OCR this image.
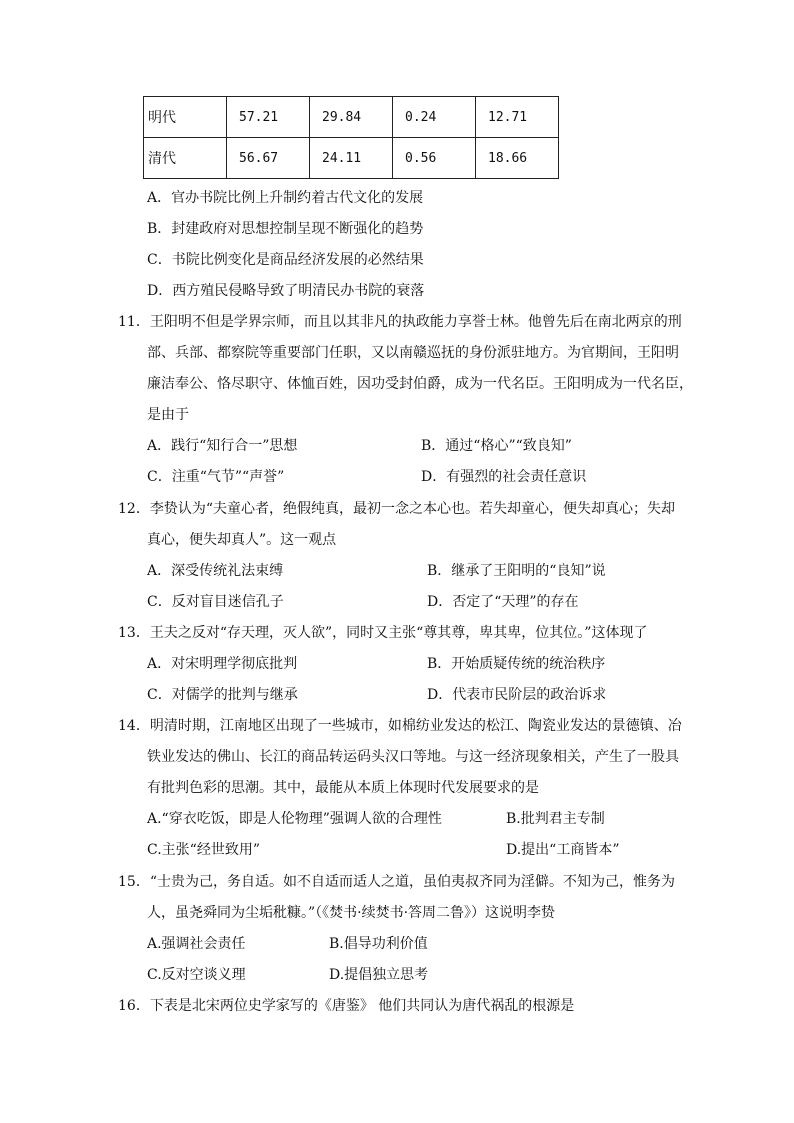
明代	57.21	29.84	0.24	12.71
清代	56.67	24.11	0.56	18.66
A．官办书院比例上升制约着古代文化的发展
B．封建政府对思想控制呈现不断强化的趋势
C．书院比例变化是商品经济发展的必然结果
D．西方殖民侵略导致了明清民办书院的衰落
11．王阳明不但是学界宗师，而且以其非凡的执政能力享誉士林。他曾先后在南北两京的刑
部、兵部、都察院等重要部门任职，又以南赣巡抚的身份派驻地方。为官期间，王阳明
廉洁奉公、恪尽职守、体恤百姓，因功受封伯爵，成为一代名臣。王阳明成为一代名臣，
是由于
A．践行“知行合一”思想	B．通过“格心”“致良知”
C．注重“气节”“声誉”	D．有强烈的社会责任意识
12．李贽认为“夫童心者，绝假纯真，最初一念之本心也。若失却童心，便失却真心；失却
真心，便失却真人”。这一观点
A．深受传统礼法束缚	B．继承了王阳明的“良知”说
C．反对盲目迷信孔子	D．否定了“天理”的存在
13．王夫之反对“存天理，灭人欲”，同时又主张“尊其尊，卑其卑，位其位。”这体现了
A．对宋明理学彻底批判	B．开始质疑传统的统治秩序
C．对儒学的批判与继承	D．代表市民阶层的政治诉求
14．明清时期，江南地区出现了一些城市，如棉纺业发达的松江、陶瓷业发达的景德镇、冶
铁业发达的佛山、长江的商品转运码头汉口等地。与这一经济现象相关，产生了一股具
有批判色彩的思潮。其中，最能从本质上体现时代发展要求的是
A.“穿衣吃饭，即是人伦物理”强调人欲的合理性	B.批判君主专制
C.主张“经世致用”	D.提出“工商皆本”
15．“士贵为己，务自适。如不自适而适人之道，虽伯夷叔齐同为淫僻。不知为己，惟务为
人，虽尧舜同为尘垢秕糠。”（《焚书·续焚书·答周二鲁》）这说明李贽
A.强调社会责任	B.倡导功利价值
C.反对空谈义理	D.提倡独立思考
16．下表是北宋两位史学家写的《唐鉴》 他们共同认为唐代祸乱的根源是
